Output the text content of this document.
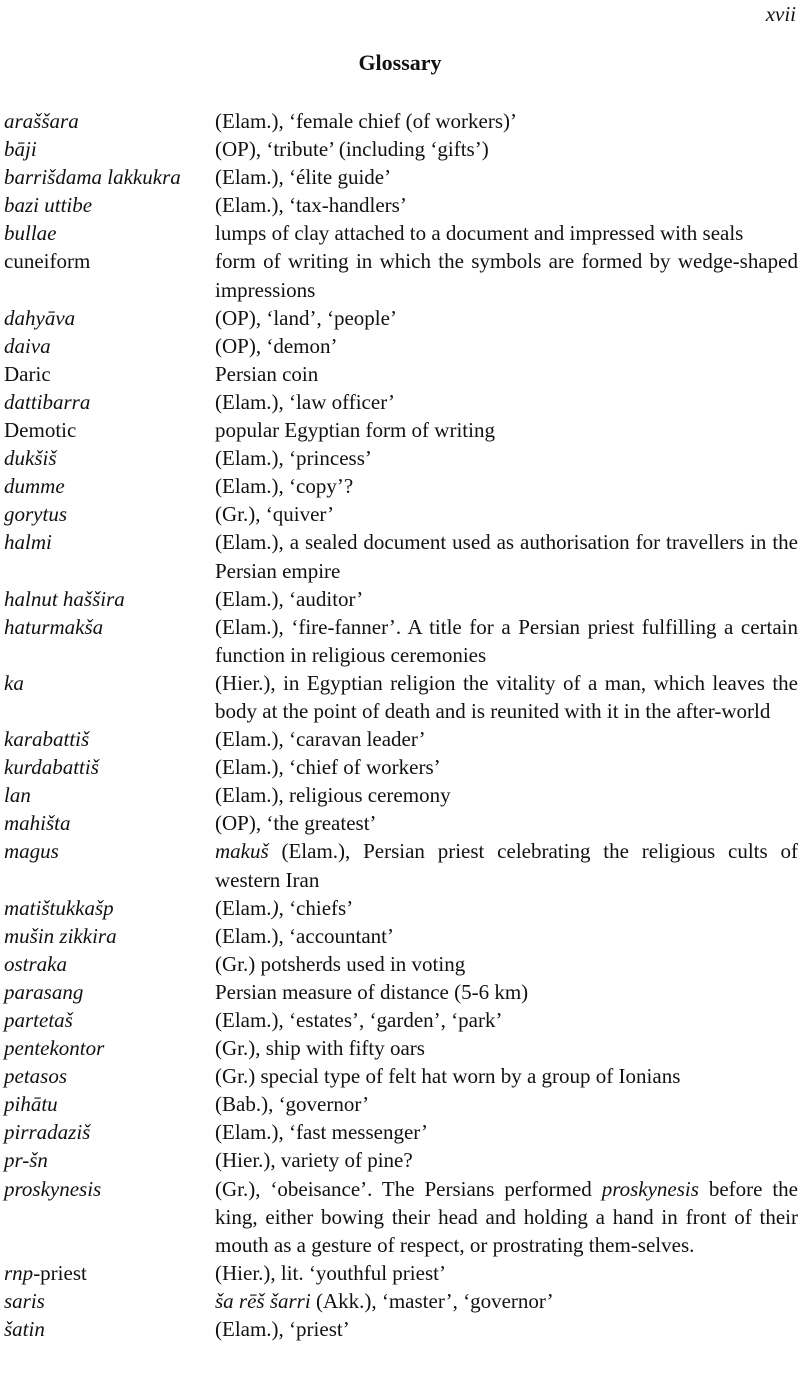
xvii
Glossary
araššara	(Elam.), ‘female chief (of workers)’
bāji	(OP), ‘tribute’ (including ‘gifts’)
barrišdama lakkukra	(Elam.), ‘élite guide’
bazi uttibe	(Elam.), ‘tax-handlers’
bullae	lumps of clay attached to a document and impressed with seals
cuneiform	form of writing in which the symbols are formed by wedge-shaped impressions
dahyāva	(OP), ‘land’, ‘people’
daiva	(OP), ‘demon’
Daric	Persian coin
dattibarra	(Elam.), ‘law officer’
Demotic	popular Egyptian form of writing
dukšiš	(Elam.), ‘princess’
dumme	(Elam.), ‘copy’?
gorytus	(Gr.), ‘quiver’
halmi	(Elam.), a sealed document used as authorisation for travellers in the Persian empire
halnut haššira	(Elam.), ‘auditor’
haturmakša	(Elam.), ‘fire-fanner’. A title for a Persian priest fulfilling a certain function in religious ceremonies
ka	(Hier.), in Egyptian religion the vitality of a man, which leaves the body at the point of death and is reunited with it in the after-world
karabattiš	(Elam.), ‘caravan leader’
kurdabattiš	(Elam.), ‘chief of workers’
lan	(Elam.), religious ceremony
mahišta	(OP), ‘the greatest’
magus	makuš (Elam.), Persian priest celebrating the religious cults of western Iran
matištukkašp	(Elam.), ‘chiefs’
mušin zikkira	(Elam.), ‘accountant’
ostraka	(Gr.) potsherds used in voting
parasang	Persian measure of distance (5-6 km)
partetaš	(Elam.), ‘estates’, ‘garden’, ‘park’
pentekontor	(Gr.), ship with fifty oars
petasos	(Gr.) special type of felt hat worn by a group of Ionians
pihātu	(Bab.), ‘governor’
pirradaziš	(Elam.), ‘fast messenger’
pr-šn	(Hier.), variety of pine?
proskynesis	(Gr.), ‘obeisance’. The Persians performed proskynesis before the king, either bowing their head and holding a hand in front of their mouth as a gesture of respect, or prostrating them-selves.
rnp-priest	(Hier.), lit. ‘youthful priest’
saris	ša rēš šarri (Akk.), ‘master’, ‘governor’
šatin	(Elam.), ‘priest’
